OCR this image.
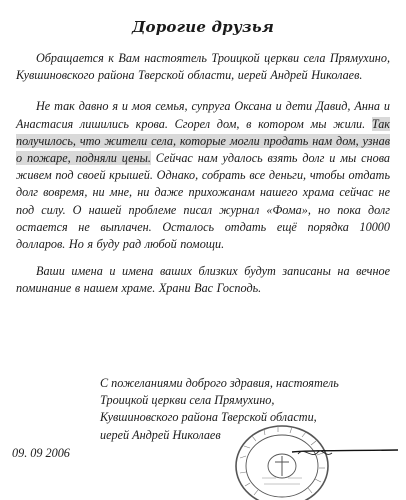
Дорогие друзья

Обращается к Вам настоятель Троицкой церкви села Прямухино, Кувшиновского района Тверской области, иерей Андрей Николаев.

Не так давно я и моя семья, супруга Оксана и дети Давид, Анна и Анастасия лишились крова. Сгорел дом, в котором мы жили. Так получилось, что жители села, которые могли продать нам дом, узнав о пожаре, подняли цены. Сейчас нам удалось взять долг и мы снова живем под своей крышей. Однако, собрать все деньги, чтобы отдать долг вовремя, ни мне, ни даже прихожанам нашего храма сейчас не под силу. О нашей проблеме писал журнал «Фома», но пока долг остается не выплачен. Осталось отдать ещё порядка 10000 долларов. Но я буду рад любой помощи.

Ваши имена и имена ваших близких будут записаны на вечное поминание в нашем храме. Храни Вас Господь.

С пожеланиями доброго здравия, настоятель
Троицкой церкви села Прямухино,
Кувшиновского района Тверской области,
иерей Андрей Николаев
09. 09 2006
